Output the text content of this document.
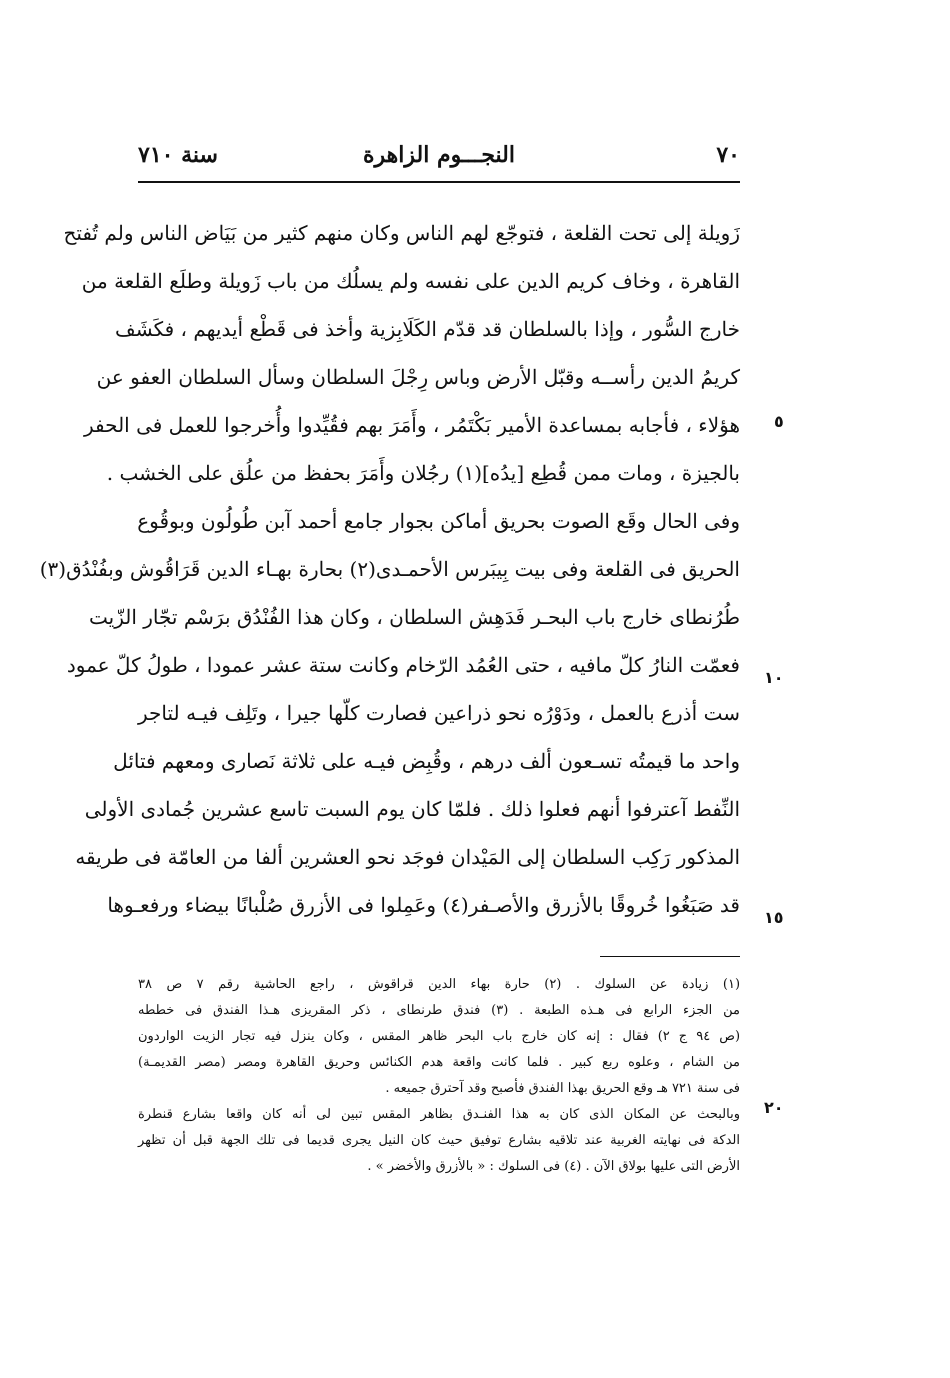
٧٠
النجـــوم الزاهرة
سنة ٧١٠
زَويلة إلى تحت القلعة ، فتوجّع لهم الناس وكان منهم كثير من بَيَاض الناس ولم تُفتح
القاهرة ، وخاف كريم الدين على نفسه ولم يسلُك من باب زَويلة وطلَع القلعة من
خارج السُّور ، وإذا بالسلطان قد قدّم الكَلَابِزية وأخذ فى قَطْع أيديهم ، فكَشَف
كريمُ الدين رأســه وقبّل الأرض وباس رِجْلَ السلطان وسأل السلطان العفو عن
هؤلاء ، فأجابه بمساعدة الأمير بَكْتَمُر ، وأَمَرَ بهم فقُيِّدوا وأُخرجوا للعمل فى الحفر
بالجيزة ، ومات ممن قُطِع [يدُه](١) رجُلان وأَمَرَ بحفظ من علُق على الخشب .
وفى الحال وقَع الصوت بحريق أماكن بجوار جامع أحمد آبن طُولُون وبوقُوع
الحريق فى القلعة وفى بيت بِيبَرس الأحمـدى(٢) بحارة بهـاء الدين قَرَاقُوش وبفُنْدُق(٣)
طُرُنطاى خارج باب البحـر فَدَهِش السلطان ، وكان هذا الفُنْدُق برَسْم تجّار الزّيت
فعمّت النارُ كلّ مافيه ، حتى العُمُد الرّخام وكانت ستة عشر عمودا ، طولُ كلّ عمود
ست أذرع بالعمل ، ودَوْرُه نحو ذراعين فصارت كلّها جيرا ، وتَلِف فيـه لتاجر
واحد ما قيمتُه تسـعون ألف درهم ، وقُبِض فيـه على ثلاثة نَصارى ومعهم فتائل
النِّفط آعترفوا أنهم فعلوا ذلك . فلمّا كان يوم السبت تاسع عشرين جُمادى الأولى
المذكور رَكِب السلطان إلى المَيْدان فوجَد نحو العشرين ألفا من العامّة فى طريقه
قد صَبَغُوا خُروقًا بالأزرق والأصـفر(٤) وعَمِلوا فى الأزرق صُلْبانًا بيضاء ورفعـوها
٥
١٠
١٥
٢٠
(١) زيادة عن السلوك . (٢) حارة بهاء الدين قراقوش ، راجع الحاشية رقم ٧ ص ٣٨
من الجزء الرابع فى هـذه الطبعة . (٣) فندق طرنطاى ، ذكر المقريزى هـذا الفندق فى خططه
(ص ٩٤ ج ٢) فقال : إنه كان خارج باب البحر ظاهر المقس ، وكان ينزل فيه تجار الزيت الواردون
من الشام ، وعلوه ربع كبير . فلما كانت واقعة هدم الكنائس وحريق القاهرة ومصر (مصر القديمـة)
فى سنة ٧٢١ هـ وقع الحريق بهذا الفندق فأصبح وقد آحترق جميعه .
وبالبحث عن المكان الذى كان به هذا الفنـدق بظاهر المقس تبين لى أنه كان واقعا بشارع قنطرة
الدكة فى نهايته الغربية عند تلاقيه بشارع توفيق حيث كان النيل يجرى قديما فى تلك الجهة قبل أن تظهر
الأرض التى عليها بولاق الآن . (٤) فى السلوك : « بالأزرق والأخضر » .
